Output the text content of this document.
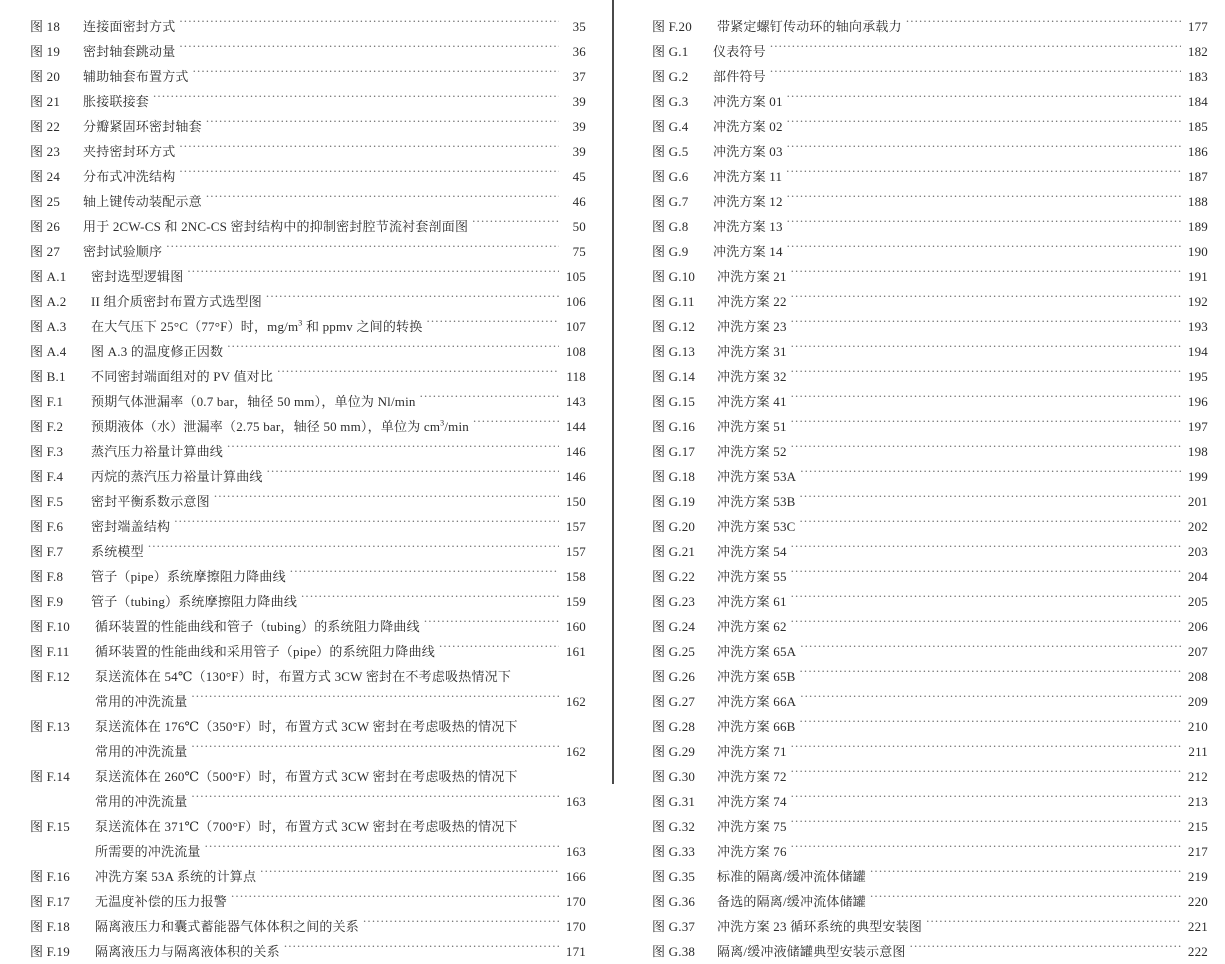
图 18	连接面密封方式 .....	35
图 19	密封轴套跳动量 .....	36
图 20	辅助轴套布置方式 .....	37
图 21	胀接联接套 .....	39
图 22	分瓣紧固环密封轴套 .....	39
图 23	夹持密封环方式 .....	39
图 24	分布式冲洗结构 .....	45
图 25	轴上键传动装配示意 .....	46
图 26	用于 2CW-CS 和 2NC-CS 密封结构中的抑制密封腔节流衬套剖面图 .....	50
图 27	密封试验顺序 .....	75
图 A.1	密封选型逻辑图 .....	105
图 A.2	II 组介质密封布置方式选型图 .....	106
图 A.3	在大气压下 25°C（77°F）时，$mg/m^3$ 和 ppmv 之间的转换 .....	107
图 A.4	图 A.3 的温度修正因数 .....	108
图 B.1	不同密封端面组对的 PV 值对比 .....	118
图 F.1	预期气体泄漏率（0.7 bar，轴径 50 mm），单位为 Nl/min .....	143
图 F.2	预期液体（水）泄漏率（2.75 bar，轴径 50 mm），单位为 $cm^3/\min$ .....	144
图 F.3	蒸汽压力裕量计算曲线 .....	146
图 F.4	丙烷的蒸汽压力裕量计算曲线 .....	146
图 F.5	密封平衡系数示意图 .....	150
图 F.6	密封端盖结构 .....	157
图 F.7	系统模型 .....	157
图 F.8	管子（pipe）系统摩擦阻力降曲线 .....	158
图 F.9	管子（tubing）系统摩擦阻力降曲线 .....	159
图 F.10	循环装置的性能曲线和管子（tubing）的系统阻力降曲线 .....	160
图 F.11	循环装置的性能曲线和采用管子（pipe）的系统阻力降曲线 .....	161
图 F.12	泵送流体在 54℃（130°F）时，布置方式 3CW 密封在不考虑吸热情况下
常用的冲洗流量 .....	162
图 F.13	泵送流体在 176℃（350°F）时，布置方式 3CW 密封在考虑吸热的情况下
常用的冲洗流量 .....	162
图 F.14	泵送流体在 260℃（500°F）时，布置方式 3CW 密封在考虑吸热的情况下
常用的冲洗流量 .....	163
图 F.15	泵送流体在 371℃（700°F）时，布置方式 3CW 密封在考虑吸热的情况下
所需要的冲洗流量 .....	163
图 F.16	冲洗方案 53A 系统的计算点 .....	166
图 F.17	无温度补偿的压力报警 .....	170
图 F.18	隔离液压力和囊式蓄能器气体体积之间的关系 .....	170
图 F.19	隔离液压力与隔离液体积的关系 .....	171
图 F.20	带紧定螺钉传动环的轴向承载力 .....	177
图 G.1	仪表符号 .....	182
图 G.2	部件符号 .....	183
图 G.3	冲洗方案 01 .....	184
图 G.4	冲洗方案 02 .....	185
图 G.5	冲洗方案 03 .....	186
图 G.6	冲洗方案 11 .....	187
图 G.7	冲洗方案 12 .....	188
图 G.8	冲洗方案 13 .....	189
图 G.9	冲洗方案 14 .....	190
图 G.10	冲洗方案 21 .....	191
图 G.11	冲洗方案 22 .....	192
图 G.12	冲洗方案 23 .....	193
图 G.13	冲洗方案 31 .....	194
图 G.14	冲洗方案 32 .....	195
图 G.15	冲洗方案 41 .....	196
图 G.16	冲洗方案 51 .....	197
图 G.17	冲洗方案 52 .....	198
图 G.18	冲洗方案 53A .....	199
图 G.19	冲洗方案 53B .....	201
图 G.20	冲洗方案 53C .....	202
图 G.21	冲洗方案 54 .....	203
图 G.22	冲洗方案 55 .....	204
图 G.23	冲洗方案 61 .....	205
图 G.24	冲洗方案 62 .....	206
图 G.25	冲洗方案 65A .....	207
图 G.26	冲洗方案 65B .....	208
图 G.27	冲洗方案 66A .....	209
图 G.28	冲洗方案 66B .....	210
图 G.29	冲洗方案 71 .....	211
图 G.30	冲洗方案 72 .....	212
图 G.31	冲洗方案 74 .....	213
图 G.32	冲洗方案 75 .....	215
图 G.33	冲洗方案 76 .....	217
图 G.35	标准的隔离/缓冲流体储罐 .....	219
图 G.36	备选的隔离/缓冲流体储罐 .....	220
图 G.37	冲洗方案 23 循环系统的典型安装图 .....	221
图 G.38	隔离/缓冲液储罐典型安装示意图 .....	222
